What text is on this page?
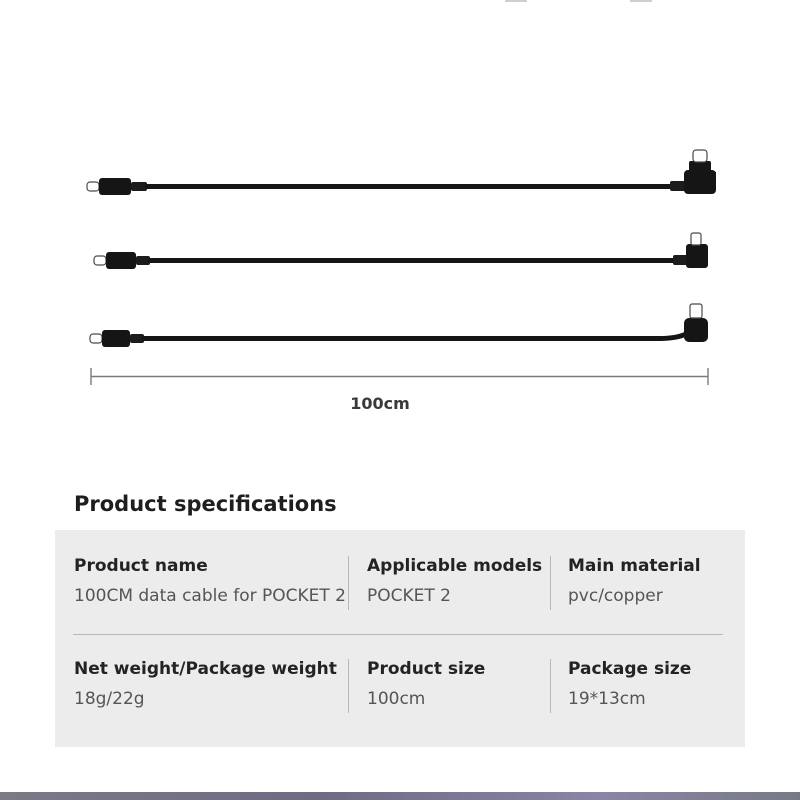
100cm
Product specifications
Product name
100CM data cable for POCKET 2
Applicable models
POCKET 2
Main material
pvc/copper
Net weight/Package weight
18g/22g
Product size
100cm
Package size
19*13cm
